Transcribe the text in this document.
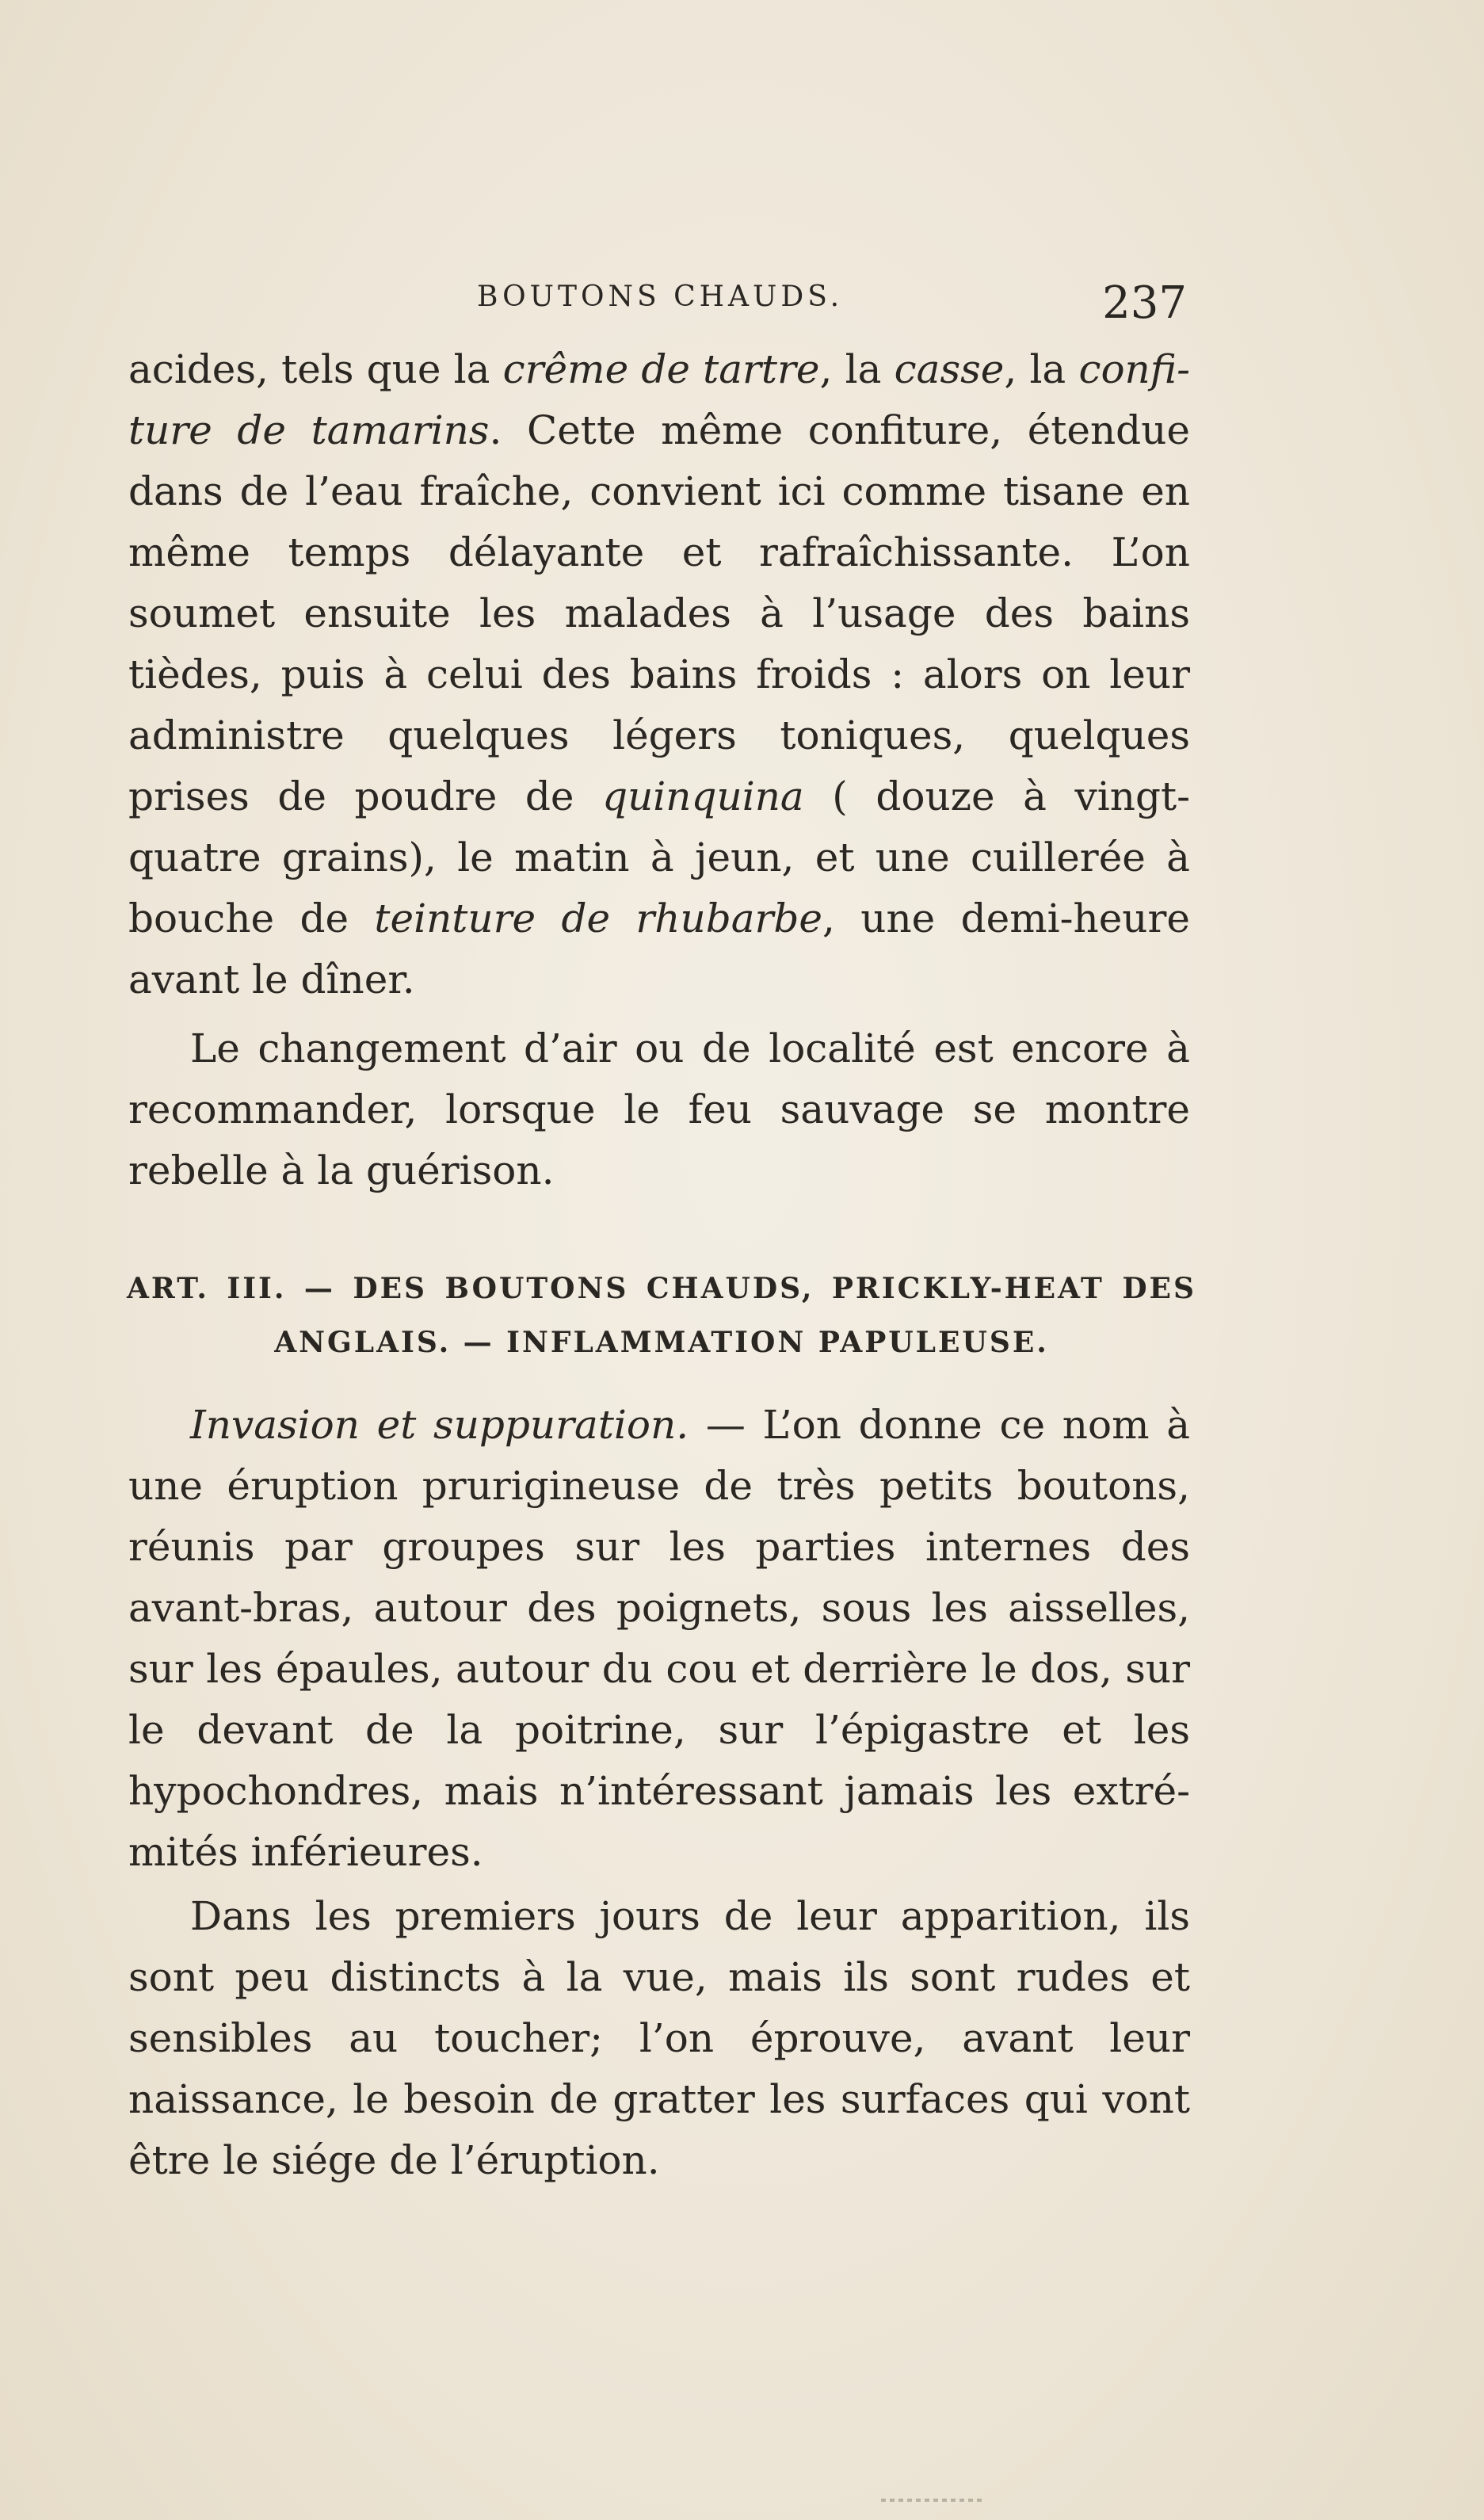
BOUTONS CHAUDS.	237

acides, tels que la crême de tartre, la casse, la confi-ture de tamarins. Cette même confiture, étendue dans de l’eau fraîche, convient ici comme tisane en même temps délayante et rafraîchissante. L’on soumet ensuite les malades à l’usage des bains tièdes, puis à celui des bains froids : alors on leur administre quelques légers toniques, quelques prises de poudre de quinquina ( douze à vingt-quatre grains), le matin à jeun, et une cuillerée à bouche de teinture de rhubarbe, une demi-heure avant le dîner.

Le changement d’air ou de localité est encore à recommander, lorsque le feu sauvage se montre rebelle à la guérison.

ART. III. — DES BOUTONS CHAUDS, PRICKLY-HEAT DES
ANGLAIS. — INFLAMMATION PAPULEUSE.

Invasion et suppuration. — L’on donne ce nom à une éruption prurigineuse de très petits boutons, réunis par groupes sur les parties internes des avant-bras, autour des poignets, sous les aisselles, sur les épaules, autour du cou et derrière le dos, sur le devant de la poitrine, sur l’épigastre et les hypochondres, mais n’intéressant jamais les extré-mités inférieures.

Dans les premiers jours de leur apparition, ils sont peu distincts à la vue, mais ils sont rudes et sensibles au toucher; l’on éprouve, avant leur naissance, le besoin de gratter les surfaces qui vont être le siége de l’éruption.
